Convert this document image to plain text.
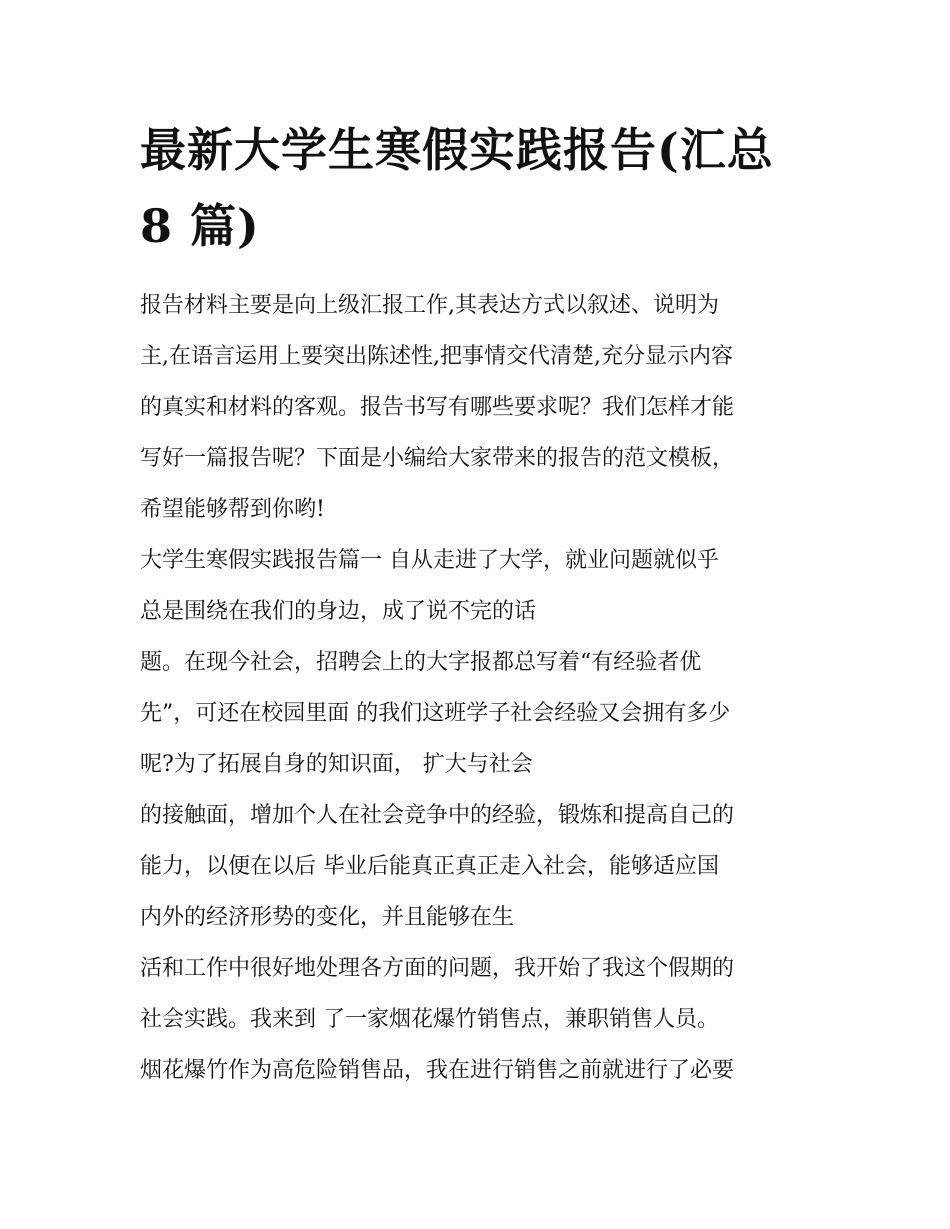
最新大学生寒假实践报告(汇总
8 篇)
报告材料主要是向上级汇报工作,其表达方式以叙述、说明为
主,在语言运用上要突出陈述性,把事情交代清楚,充分显示内容
的真实和材料的客观。报告书写有哪些要求呢？我们怎样才能
写好一篇报告呢？下面是小编给大家带来的报告的范文模板，
希望能够帮到你哟!
大学生寒假实践报告篇一 自从走进了大学，就业问题就似乎
总是围绕在我们的身边，成了说不完的话
题。在现今社会，招聘会上的大字报都总写着“有经验者优
先”，可还在校园里面 的我们这班学子社会经验又会拥有多少
呢?为了拓展自身的知识面， 扩大与社会
的接触面，增加个人在社会竞争中的经验，锻炼和提高自己的
能力，以便在以后 毕业后能真正真正走入社会，能够适应国
内外的经济形势的变化，并且能够在生
活和工作中很好地处理各方面的问题，我开始了我这个假期的
社会实践。我来到 了一家烟花爆竹销售点，兼职销售人员。
烟花爆竹作为高危险销售品，我在进行销售之前就进行了必要
